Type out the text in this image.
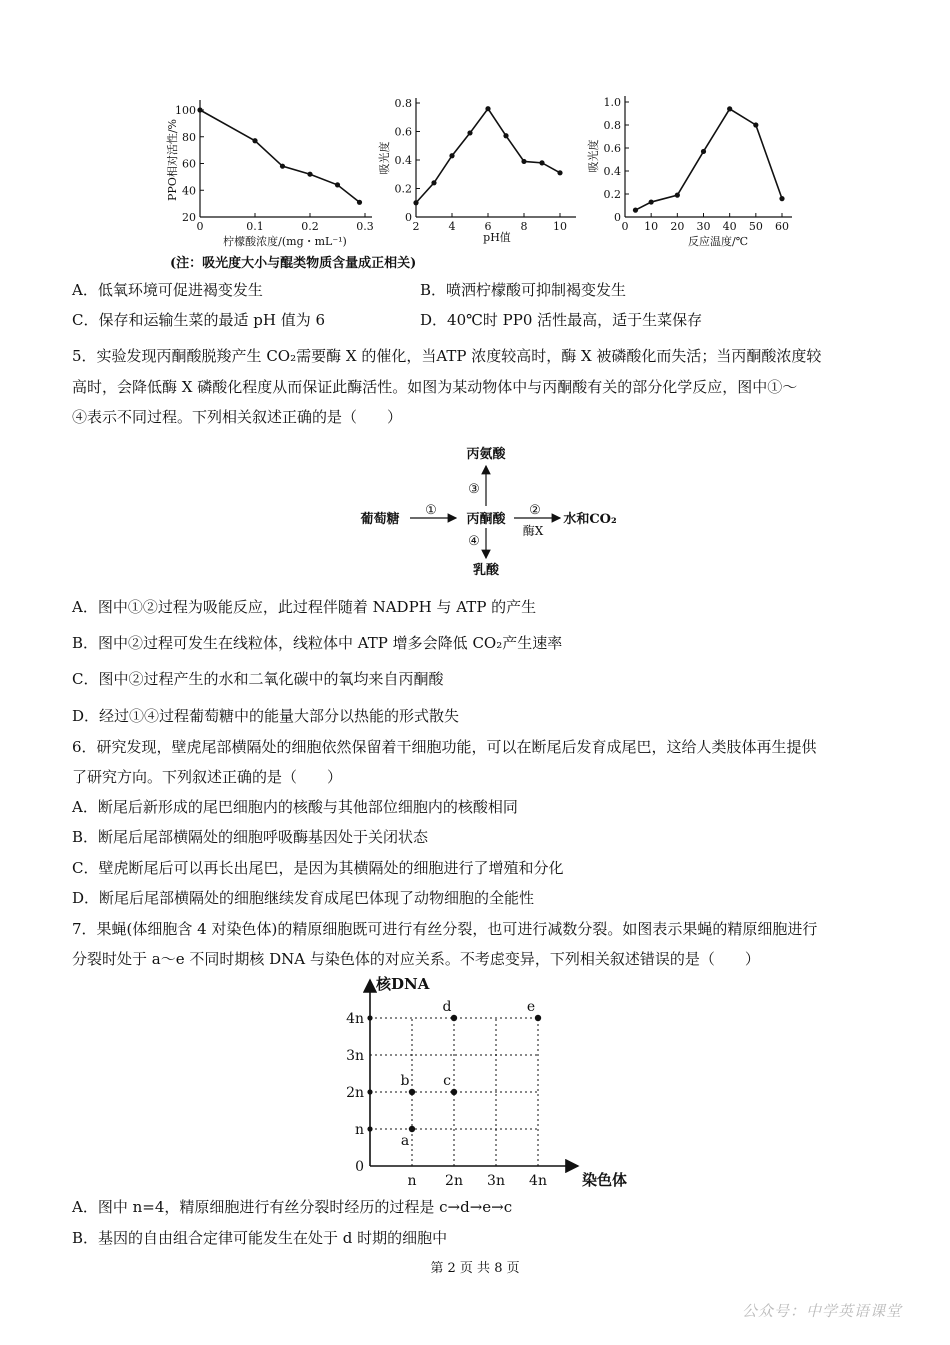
PPO相对活性/%
柠檬酸浓度/(mg・mL⁻¹)
100
80
60
40
20
0	0.1	0.2	0.3
吸光度
pH值
0.8
0.6
0.4
0.2
0
2	4	6	8 10
吸光度
反应温度/℃
1.0
0.8
0.6
0.4
0.2
0
0 10 20 30 40 50 60
(注：吸光度大小与醌类物质含量成正相关)
A．低氧环境可促进褐变发生	B．喷洒柠檬酸可抑制褐变发生
C．保存和运输生菜的最适 pH 值为 6	D．40℃时 PP0 活性最高，适于生菜保存
5．实验发现丙酮酸脱羧产生 CO₂需要酶 X 的催化，当ATP 浓度较高时，酶 X 被磷酸化而失活；当丙酮酸浓度较
高时，会降低酶 X 磷酸化程度从而保证此酶活性。如图为某动物体中与丙酮酸有关的部分化学反应，图中①～
④表示不同过程。下列相关叙述正确的是（　　）
丙氨酸
葡萄糖	丙酮酸	水和CO₂
乳酸
①	②
酶X
③
④
A．图中①②过程为吸能反应，此过程伴随着 NADPH 与 ATP 的产生
B．图中②过程可发生在线粒体，线粒体中 ATP 增多会降低 CO₂产生速率
C．图中②过程产生的水和二氧化碳中的氧均来自丙酮酸
D．经过①④过程葡萄糖中的能量大部分以热能的形式散失
6．研究发现，壁虎尾部横隔处的细胞依然保留着干细胞功能，可以在断尾后发育成尾巴，这给人类肢体再生提供
了研究方向。下列叙述正确的是（　　）
A．断尾后新形成的尾巴细胞内的核酸与其他部位细胞内的核酸相同
B．断尾后尾部横隔处的细胞呼吸酶基因处于关闭状态
C．壁虎断尾后可以再长出尾巴，是因为其横隔处的细胞进行了增殖和分化
D．断尾后尾部横隔处的细胞继续发育成尾巴体现了动物细胞的全能性
7．果蝇(体细胞含 4 对染色体)的精原细胞既可进行有丝分裂，也可进行减数分裂。如图表示果蝇的精原细胞进行
分裂时处于 a～e 不同时期核 DNA 与染色体的对应关系。不考虑变异，下列相关叙述错误的是（　　）
核DNA
染色体
n 2n 3n 4n
0
n
2n
3n
4n
a
b c
d	e
A．图中 n=4，精原细胞进行有丝分裂时经历的过程是 c→d→e→c
B．基因的自由组合定律可能发生在处于 d 时期的细胞中
第 2 页 共 8 页
公众号：中学英语课堂
